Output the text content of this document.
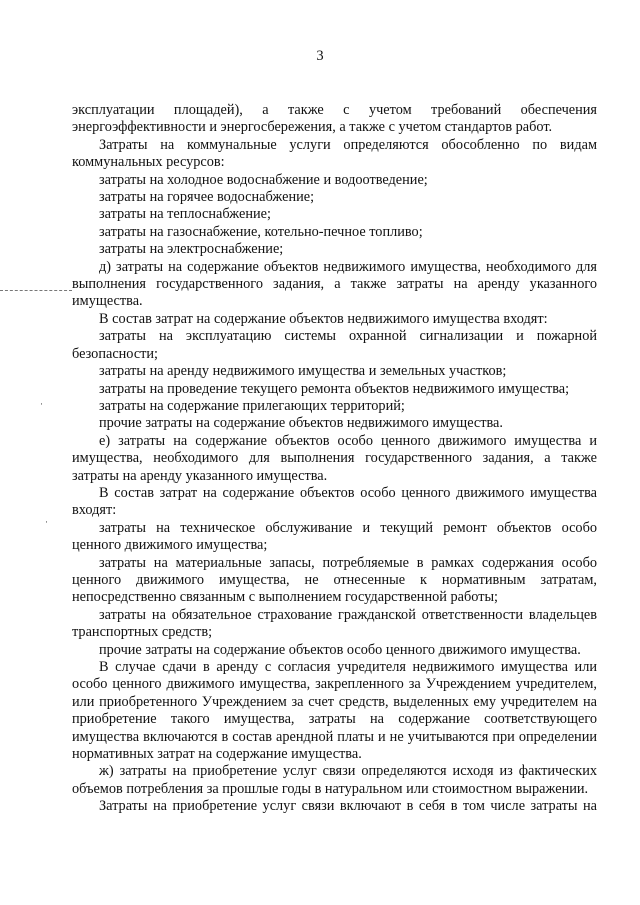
3
·
·

эксплуатации площадей), а также с учетом требований обеспечения

энергоэффективности и энергосбережения, а также с учетом стандартов работ.

Затраты на коммунальные услуги определяются обособленно по видам коммунальных ресурсов:

затраты на холодное водоснабжение и водоотведение;

затраты на горячее водоснабжение;

затраты на теплоснабжение;

затраты на газоснабжение, котельно-печное топливо;

затраты на электроснабжение;

д) затраты на содержание объектов недвижимого имущества, необходимого для выполнения государственного задания, а также затраты на аренду указанного имущества.

В состав затрат на содержание объектов недвижимого имущества входят:

затраты на эксплуатацию системы охранной сигнализации и пожарной безопасности;

затраты на аренду недвижимого имущества и земельных участков;

затраты на проведение текущего ремонта объектов недвижимого имущества;

затраты на содержание прилегающих территорий;

прочие затраты на содержание объектов недвижимого имущества.

е) затраты на содержание объектов особо ценного движимого имущества и имущества, необходимого для выполнения государственного задания, а также затраты на аренду указанного имущества.

В состав затрат на содержание объектов особо ценного движимого имущества входят:

затраты на техническое обслуживание и текущий ремонт объектов особо ценного движимого имущества;

затраты на материальные запасы, потребляемые в рамках содержания особо ценного движимого имущества, не отнесенные к нормативным затратам, непосредственно связанным с выполнением государственной работы;

затраты на обязательное страхование гражданской ответственности владельцев транспортных средств;

прочие затраты на содержание объектов особо ценного движимого имущества.

В случае сдачи в аренду с согласия учредителя недвижимого имущества или особо ценного движимого имущества, закрепленного за Учреждением учредителем, или приобретенного Учреждением за счет средств, выделенных ему учредителем на приобретение такого имущества, затраты на содержание соответствующего имущества включаются в состав арендной платы и не учитываются при определении нормативных затрат на содержание имущества.

ж) затраты на приобретение услуг связи определяются исходя из фактических объемов потребления за прошлые годы в натуральном или стоимостном выражении.

Затраты на приобретение услуг связи включают в себя в том числе затраты на
